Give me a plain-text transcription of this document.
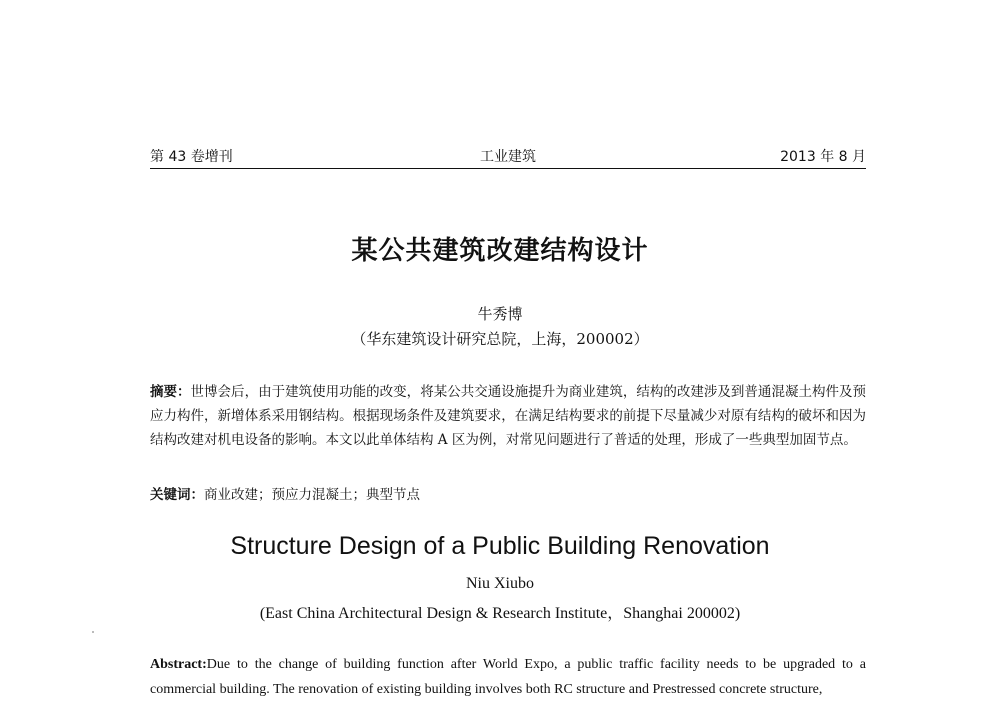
第 43 卷增刊	工业建筑	2013 年 8 月
某公共建筑改建结构设计
牛秀博
（华东建筑设计研究总院，上海，200002）
摘要：世博会后，由于建筑使用功能的改变，将某公共交通设施提升为商业建筑，结构的改建涉及到普通混凝土构件及预应力构件，新增体系采用钢结构。根据现场条件及建筑要求，在满足结构要求的前提下尽量减少对原有结构的破坏和因为结构改建对机电设备的影响。本文以此单体结构 A 区为例，对常见问题进行了普适的处理，形成了一些典型加固节点。
关键词：商业改建；预应力混凝土；典型节点
Structure Design of a Public Building Renovation
Niu Xiubo
(East China Architectural Design & Research Institute，Shanghai 200002)
Abstract:Due to the change of building function after World Expo, a public traffic facility needs to be upgraded to a commercial building. The renovation of existing building involves both RC structure and Prestressed concrete structure,
